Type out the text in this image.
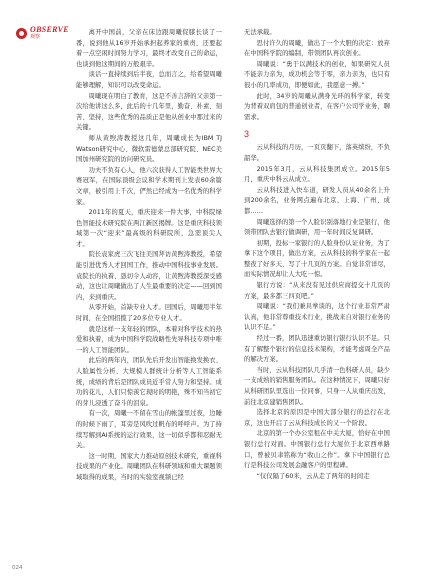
OBSERVE
观察

离开中国前，父亲在床边跟周曦促膝长谈了一番，说到他从16岁开始承担起养家的重责，还要起着一点空闲时间努力学习，最终才改变自己的命运，也谈到他这期间的万般艰辛。

谈话一直持续到后半夜，总而言之，给希望周曦能够理解，知识可以改变命运。

周曦现在明白了教育，这是不善言辞的父亲第一次给他讲这么多，此后的十几年里，勤奋、朴素、刻苦、坚持，这些优秀的品质正是他从创业中那过来的关键。

师从黄煦涛教授这几年，周曦成长为IBM TJ Watson研究中心、微软雷德蒙总部研究院、NEC美国加州研究院的访问研究员。

功夫不负有心人，他六次获得人工智能类世界大赛冠军，在国际顶级会议和学术期刊上发表60余篇文章，被引用上千次，俨然已经成为一名优秀的科学家。

2011年的夏天，重庆迎来一件大事，中科院绿色智能技术研究院在两江新区揭牌。这是重庆科技领域第一次“迎来”最高级的科研院所，急需顶尖人才。

院长袁家虎三次飞往美国拜访黄煦涛教授，希望能引进优秀人才回国工作，推动中国科技事业发展。袁院长的执着、恳切令人动容，让黄煦涛教授深受感动，这也让周曦做出了人生最重要的决定——回到国内，来到重庆。

从零开始，首缺专业人才。回国后，周曦用半年时间，在全国招揽了20多位专业人才。

就是这样一支年轻的团队，本着对科学技术的热爱和执着，成为中国科学院战略性先导科技专项中唯一的人工智能团队。

此后的两年内，团队先后开发出智能换发换衣、人脸属性分析、大规模人群统计分析等人工智能系统，成绩的背后是团队成员近乎常人努力和坚持。成功的花儿，人们只惊羡它现时的明艳，殊不知当初它的芽儿浸透了奋斗的泪泉。

有一次，周曦一不留在雪山的帐篷里过夜，边睡的时候下雨了，耳旁是风吹过帆布的呼呼声。为了持续写解到AI系统的运行效果，这一切似乎都和忍耐无关。

这一时期，国家大力推动原创技术研究，重视科技成果的产业化。周曦团队在科研领域和重大课题领域取得的成果，当时的实验室视频已经

无法承载。

思付许久的周曦，做出了一个大胆的决定：放弃在中国科学院的编制，带领团队再次创业。

周曦说：“勇于以满技术的创业，如果研究人员不能亲力亲为，成功机会等于零，亲力亲为，也只有很小的几率成功，即便如此，我愿意一搏。”

此时，34岁的周曦从满身光环的科学家，转变为背着双肩包的普通创业者，在客户公司学业务，聊需求。

3

云从科技的月历，一页页翻下，落英缤纷，不负韶华。

2015年3月，云从科技集团成立。2015年5月，重庆中科云从成立。

云从科技进入快车道，研发人员从40余名上升到200余名，业务网点遍布北京、上海、广州、成都……

周曦选择的第一个人脸识别落地行业是银行，他领带团队去银行做调研，用一年时间反复调研。

初期，投标一家银行的人脸身份认证业务，为了拿下这个项目，做出方案，云从科技的科学家在一起整夜了好多天，写了十几页的方案。自觉非常详尽，而实际情况却让人大吃一惊。

银行方说：“从来没有见过供应商提交十几页的方案，最多都三四页吧。”

周曦说：“我们兼具拳谈的，这个行业非常严肃认真，他非常尊重技术行业，挑战来自对银行业务的认识不足。”

经过一番，团队迅速重访银行银行认识不足。只有了解整个银行的信息技术架构，才能考虑周全产品的解决方案。

当时，云从科技团队几乎清一色科研人员，缺少一支成熟的销售服务团队。在这种情况下，周曦只好从科研团队里选出一位同事，只身一人从重庆出发，前往北京建销售团队。

选择北京的原因是中国大部分银行的总行在北京，这也开启了云从科技成长的又一个阶段。

北京的第一个办公室租在中关大厦，恰好在中国银行总行对面。中国银行总行大厦位于北京西单路口，曾被贝聿铭称为“收山之作”。拿下中国银行总行是科技公司发展金融客户的里程碑。

“仅仅隔了60米，云从走了两年的时间走

024
